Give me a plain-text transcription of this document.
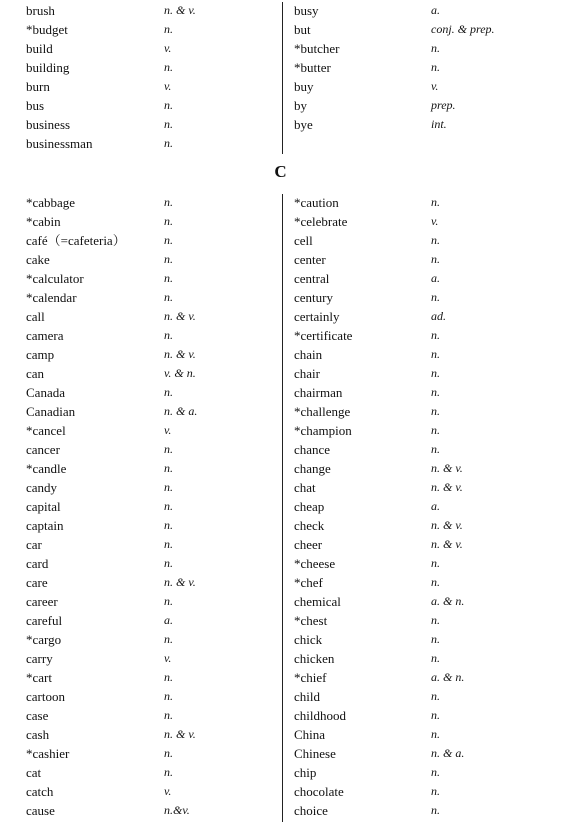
brush	n. & v.
*budget	n.
build	v.
building	n.
burn	v.
bus	n.
business	n.
businessman	n.
busy	a.
but	conj. & prep.
*butcher	n.
*butter	n.
buy	v.
by	prep.
bye	int.
C
*cabbage	n.
*cabin	n.
café（=cafeteria）	n.
cake	n.
*calculator	n.
*calendar	n.
call	n. & v.
camera	n.
camp	n. & v.
can	v. & n.
Canada	n.
Canadian	n. & a.
*cancel	v.
cancer	n.
*candle	n.
candy	n.
capital	n.
captain	n.
car	n.
card	n.
care	n. & v.
career	n.
careful	a.
*cargo	n.
carry	v.
*cart	n.
cartoon	n.
case	n.
cash	n. & v.
*cashier	n.
cat	n.
catch	v.
cause	n.&v.
*caution	n.
*celebrate	v.
cell	n.
center	n.
central	a.
century	n.
certainly	ad.
*certificate	n.
chain	n.
chair	n.
chairman	n.
*challenge	n.
*champion	n.
chance	n.
change	n. & v.
chat	n. & v.
cheap	a.
check	n. & v.
cheer	n. & v.
*cheese	n.
*chef	n.
chemical	a. & n.
*chest	n.
chick	n.
chicken	n.
*chief	a. & n.
child	n.
childhood	n.
China	n.
Chinese	n. & a.
chip	n.
chocolate	n.
choice	n.
